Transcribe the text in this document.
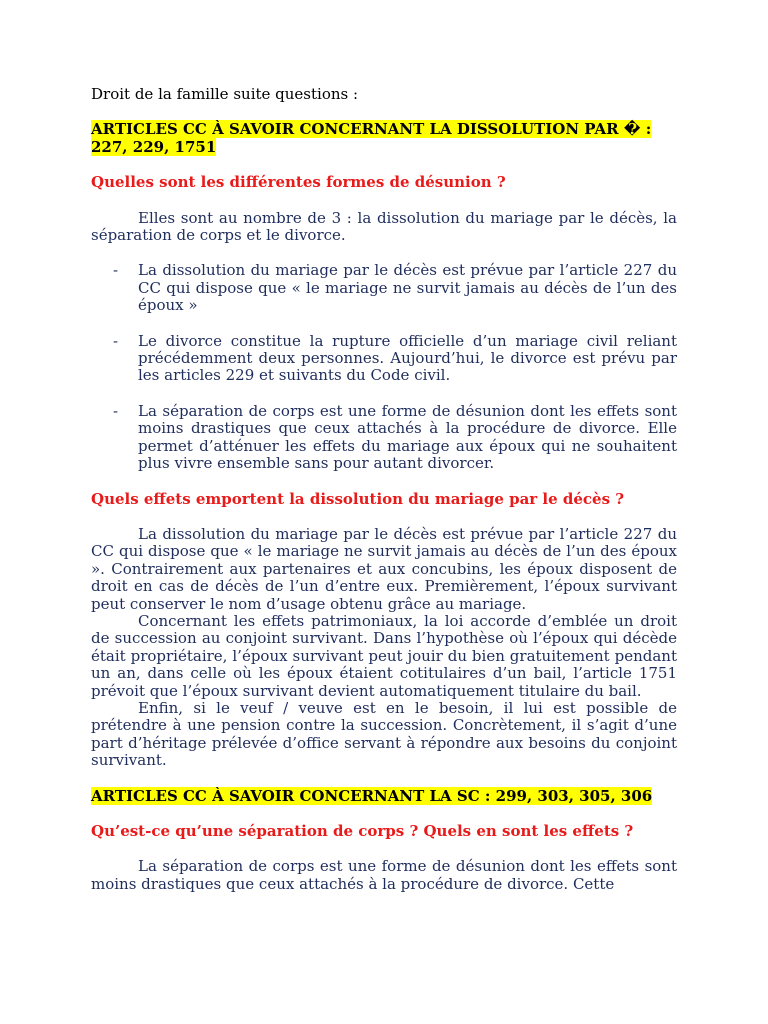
Droit de la famille suite questions :

ARTICLES CC À SAVOIR CONCERNANT LA DISSOLUTION PAR � : 227, 229, 1751

Quelles sont les différentes formes de désunion ?

Elles sont au nombre de 3 : la dissolution du mariage par le décès, la séparation de corps et le divorce.

- La dissolution du mariage par le décès est prévue par l’article 227 du CC qui dispose que « le mariage ne survit jamais au décès de l’un des époux »
- Le divorce constitue la rupture officielle d’un mariage civil reliant précédemment deux personnes. Aujourd’hui, le divorce est prévu par les articles 229 et suivants du Code civil.
- La séparation de corps est une forme de désunion dont les effets sont moins drastiques que ceux attachés à la procédure de divorce. Elle permet d’atténuer les effets du mariage aux époux qui ne souhaitent plus vivre ensemble sans pour autant divorcer.

Quels effets emportent la dissolution du mariage par le décès ?

La dissolution du mariage par le décès est prévue par l’article 227 du CC qui dispose que « le mariage ne survit jamais au décès de l’un des époux ». Contrairement aux partenaires et aux concubins, les époux disposent de droit en cas de décès de l’un d’entre eux. Premièrement, l’époux survivant peut conserver le nom d’usage obtenu grâce au mariage.

Concernant les effets patrimoniaux, la loi accorde d’emblée un droit de succession au conjoint survivant. Dans l’hypothèse où l’époux qui décède était propriétaire, l’époux survivant peut jouir du bien gratuitement pendant un an, dans celle où les époux étaient cotitulaires d’un bail, l’article 1751 prévoit que l’époux survivant devient automatiquement titulaire du bail.

Enfin, si le veuf / veuve est en le besoin, il lui est possible de prétendre à une pension contre la succession. Concrètement, il s’agit d’une part d’héritage prélevée d’office servant à répondre aux besoins du conjoint survivant.

ARTICLES CC À SAVOIR CONCERNANT LA SC : 299, 303, 305, 306

Qu’est-ce qu’une séparation de corps ? Quels en sont les effets ?

La séparation de corps est une forme de désunion dont les effets sont moins drastiques que ceux attachés à la procédure de divorce. Cette
